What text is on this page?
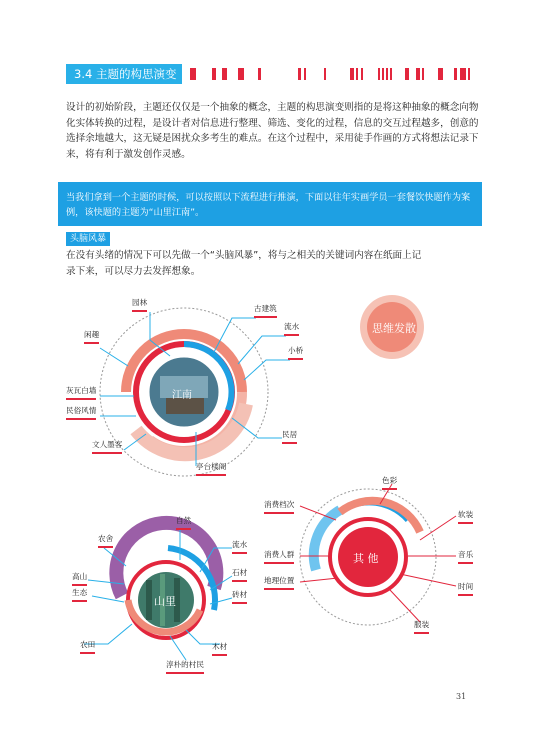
3.4 主题的构思演变

设计的初始阶段，主题还仅仅是一个抽象的概念，主题的构思演变则指的是将这种抽象的概念向物化实体转换的过程，是设计者对信息进行整理、筛选、变化的过程，信息的交互过程越多，创意的选择余地越大，这无疑是困扰众多考生的难点。在这个过程中，采用徒手作画的方式将想法记录下来，将有利于激发创作灵感。

当我们拿到一个主题的时候，可以按照以下流程进行推演，下面以往年实画学员一套餐饮快题作为案例，该快题的主题为“山里江南”。
头脑风暴

在没有头绪的情况下可以先做一个“头脑风暴”，将与之相关的关键词内容在纸面上记录下来，可以尽力去发挥想象。

园林
闲趣
古建筑
流水
小桥
灰瓦白墙
民俗风情
文人墨客
亭台楼阁
民居
江南
思维发散
自然
农舍
流水
石材
砖材
高山
生态
农田	木材
淳朴的村民
山里
色彩
消费档次
软装
消费人群	音乐
地理位置
时间
服装
其 他
31
